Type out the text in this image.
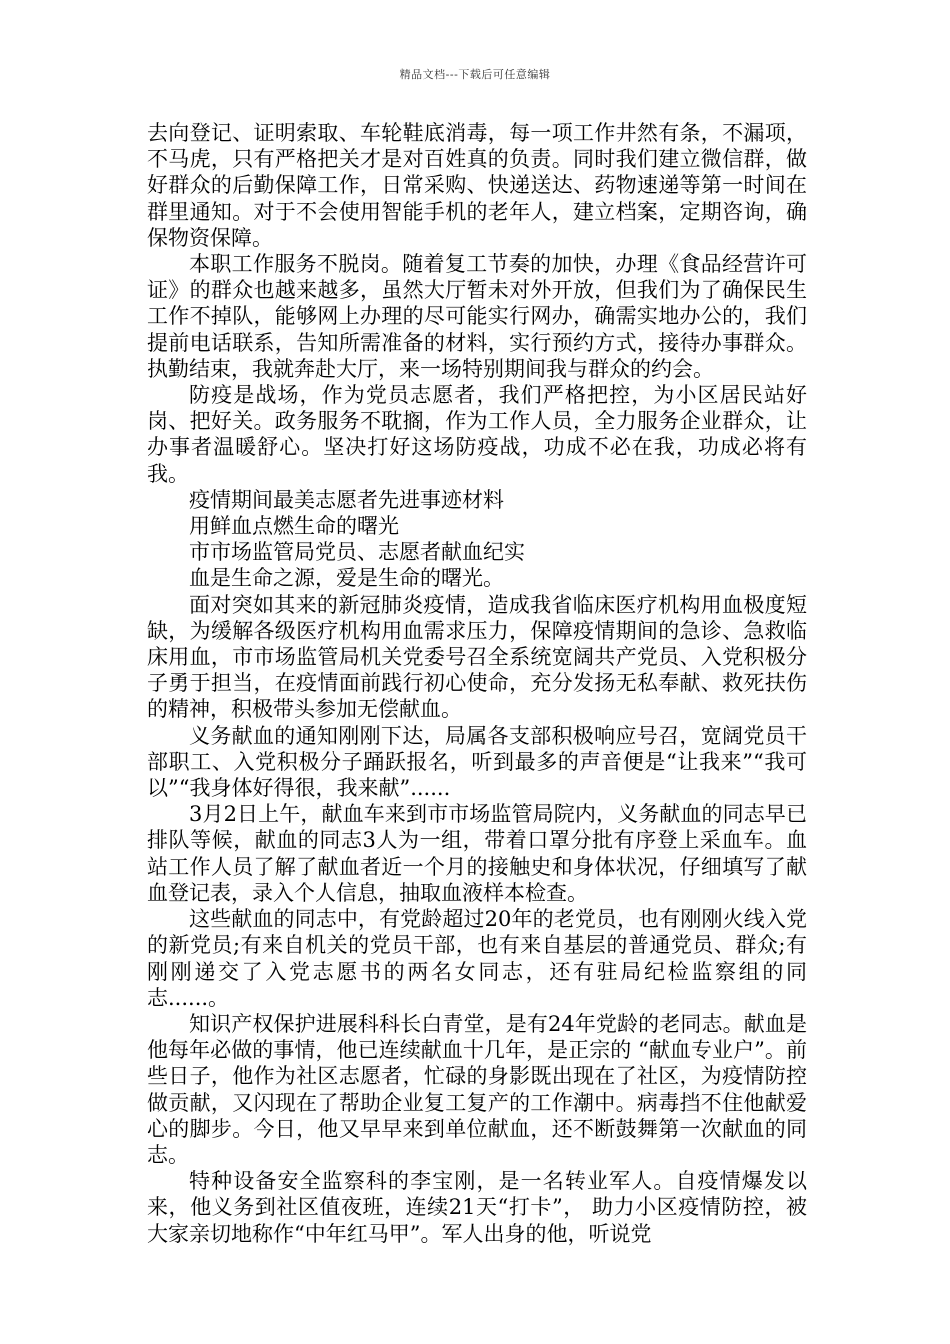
精品文档---下载后可任意编辑

去向登记、证明索取、车轮鞋底消毒，每一项工作井然有条，不漏项，不马虎，只有严格把关才是对百姓真的负责。同时我们建立微信群，做好群众的后勤保障工作，日常采购、快递送达、药物速递等第一时间在群里通知。对于不会使用智能手机的老年人，建立档案，定期咨询，确保物资保障。

本职工作服务不脱岗。随着复工节奏的加快，办理《食品经营许可证》的群众也越来越多，虽然大厅暂未对外开放，但我们为了确保民生工作不掉队，能够网上办理的尽可能实行网办，确需实地办公的，我们提前电话联系，告知所需准备的材料，实行预约方式，接待办事群众。执勤结束，我就奔赴大厅，来一场特别期间我与群众的约会。

防疫是战场，作为党员志愿者，我们严格把控，为小区居民站好岗、把好关。政务服务不耽搁，作为工作人员，全力服务企业群众，让办事者温暖舒心。坚决打好这场防疫战，功成不必在我，功成必将有我。

疫情期间最美志愿者先进事迹材料

用鲜血点燃生命的曙光

市市场监管局党员、志愿者献血纪实

血是生命之源，爱是生命的曙光。

面对突如其来的新冠肺炎疫情，造成我省临床医疗机构用血极度短缺，为缓解各级医疗机构用血需求压力，保障疫情期间的急诊、急救临床用血，市市场监管局机关党委号召全系统宽阔共产党员、入党积极分子勇于担当，在疫情面前践行初心使命，充分发扬无私奉献、救死扶伤的精神，积极带头参加无偿献血。

义务献血的通知刚刚下达，局属各支部积极响应号召，宽阔党员干部职工、入党积极分子踊跃报名，听到最多的声音便是“让我来”“我可以”“我身体好得很，我来献”......

3月2日上午，献血车来到市市场监管局院内，义务献血的同志早已排队等候，献血的同志3人为一组，带着口罩分批有序登上采血车。血站工作人员了解了献血者近一个月的接触史和身体状况，仔细填写了献血登记表，录入个人信息，抽取血液样本检查。

这些献血的同志中，有党龄超过20年的老党员，也有刚刚火线入党的新党员;有来自机关的党员干部，也有来自基层的普通党员、群众;有刚刚递交了入党志愿书的两名女同志，还有驻局纪检监察组的同志......。

知识产权保护进展科科长白青堂，是有24年党龄的老同志。献血是他每年必做的事情，他已连续献血十几年，是正宗的 “献血专业户”。前些日子，他作为社区志愿者，忙碌的身影既出现在了社区，为疫情防控做贡献，又闪现在了帮助企业复工复产的工作潮中。病毒挡不住他献爱心的脚步。今日，他又早早来到单位献血，还不断鼓舞第一次献血的同志。

特种设备安全监察科的李宝刚，是一名转业军人。自疫情爆发以来，他义务到社区值夜班，连续21天“打卡”， 助力小区疫情防控，被大家亲切地称作“中年红马甲”。军人出身的他，听说党
